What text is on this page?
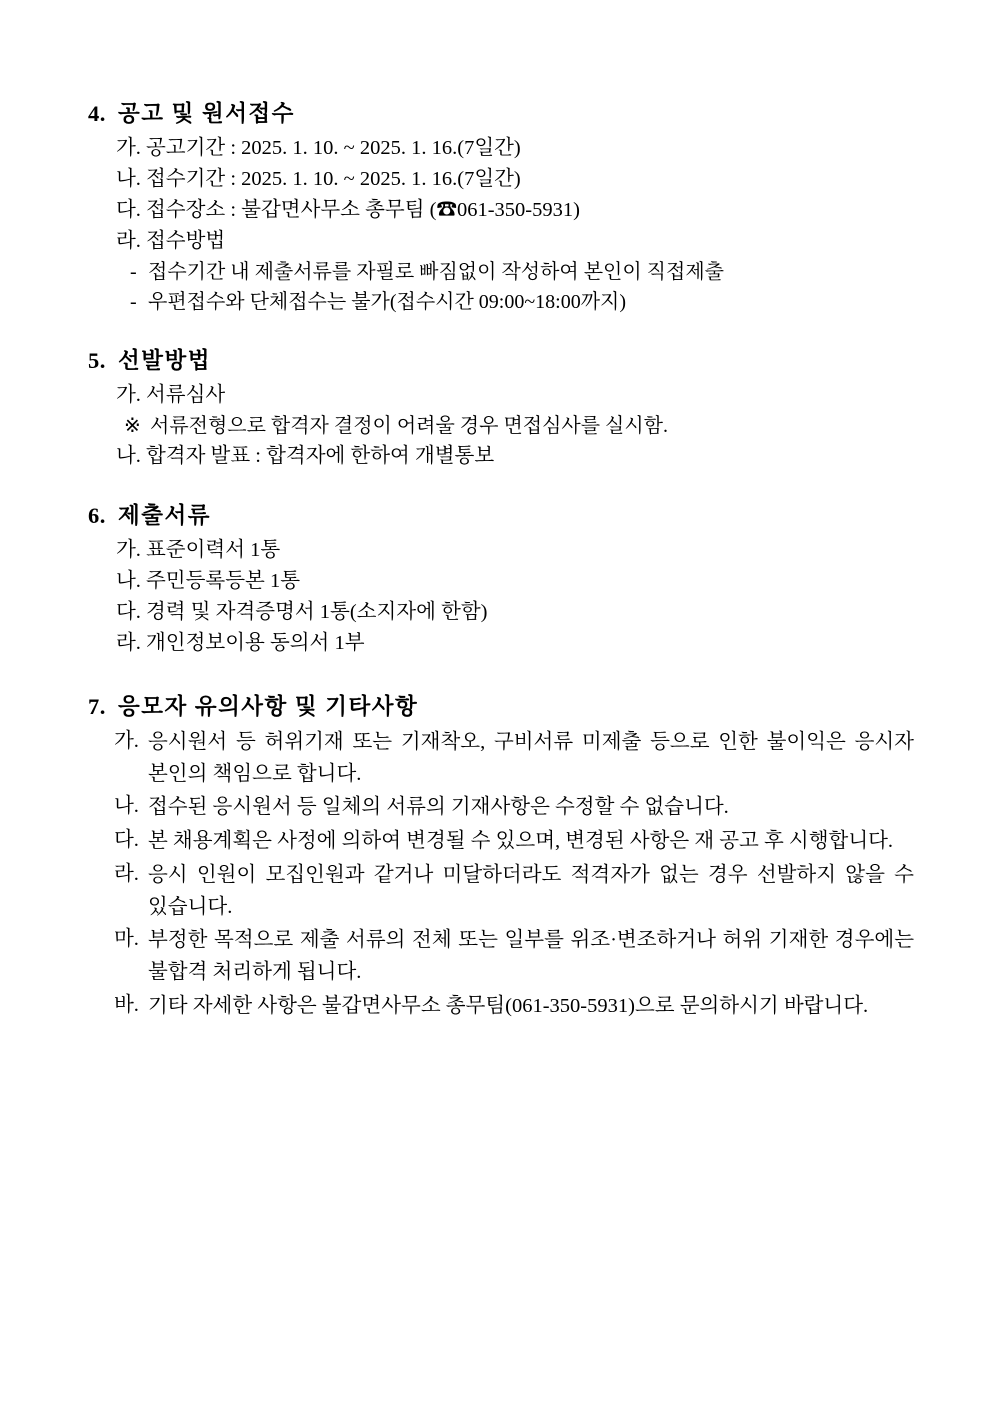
4. 공고 및 원서접수
가. 공고기간 : 2025. 1. 10. ~ 2025. 1. 16.(7일간)
나. 접수기간 : 2025. 1. 10. ~ 2025. 1. 16.(7일간)
다. 접수장소 : 불갑면사무소 총무팀 (☎061-350-5931)
라. 접수방법
- 접수기간 내 제출서류를 자필로 빠짐없이 작성하여 본인이 직접제출
- 우편접수와 단체접수는 불가(접수시간 09:00~18:00까지)
5. 선발방법
가. 서류심사
※ 서류전형으로 합격자 결정이 어려울 경우 면접심사를 실시함.
나. 합격자 발표 : 합격자에 한하여 개별통보
6. 제출서류
가. 표준이력서 1통
나. 주민등록등본 1통
다. 경력 및 자격증명서 1통(소지자에 한함)
라. 개인정보이용 동의서 1부
7. 응모자 유의사항 및 기타사항
가. 응시원서 등 허위기재 또는 기재착오, 구비서류 미제출 등으로 인한 불이익은 응시자 본인의 책임으로 합니다.
나. 접수된 응시원서 등 일체의 서류의 기재사항은 수정할 수 없습니다.
다. 본 채용계획은 사정에 의하여 변경될 수 있으며, 변경된 사항은 재 공고 후 시행합니다.
라. 응시 인원이 모집인원과 같거나 미달하더라도 적격자가 없는 경우 선발하지 않을 수 있습니다.
마. 부정한 목적으로 제출 서류의 전체 또는 일부를 위조·변조하거나 허위 기재한 경우에는 불합격 처리하게 됩니다.
바. 기타 자세한 사항은 불갑면사무소 총무팀(061-350-5931)으로 문의하시기 바랍니다.
